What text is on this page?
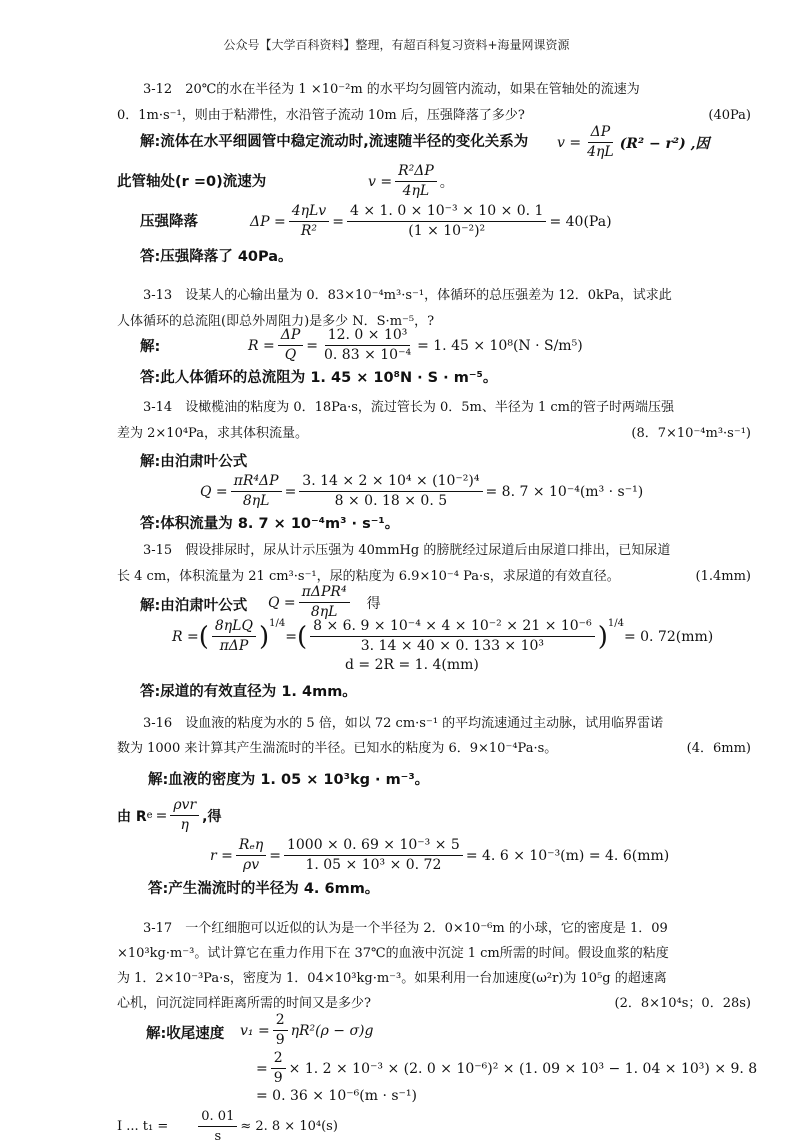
公众号【大学百科资料】整理，有超百科复习资料+海量网课资源
3-12　20℃的水在半径为 1 ×10⁻²m 的水平均匀圆管内流动，如果在管轴处的流速为
0．1m·s⁻¹，则由于粘滞性，水沿管子流动 10m 后，压强降落了多少?	(40Pa)
解:流体在水平细圆管中稳定流动时,流速随半径的变化关系为 $v = \frac{\Delta P}{4\eta L} (R^2 - r^2)$ ,因
此管轴处(r =0)流速为	$v = \frac{\text{R²ΔP}}{4\eta L}$ 。
压强降落	$\Delta P = \frac{\text{4ηLv}}{\text{R²}} = \frac{\text{4 × 1. 0 × 10⁻³ × 10 × 0. 1}}{\text{(1 × 10⁻²)²}} = 40(Pa)$
答:压强降落了 40Pa。
3-13　设某人的心输出量为 0．83×10⁻⁴m³·s⁻¹，体循环的总压强差为 12．0kPa，试求此
人体循环的总流阻(即总外周阻力)是多少 N．S·m⁻⁵，?
解:	$R = \frac{\Delta P}{Q} = \frac{\text{12. 0 × 10³}}{\text{0. 83 × 10⁻⁴}} = 1$. 45 × 10⁸(N · S/m⁵)
答:此人体循环的总流阻为 1. 45 × 10⁸N · S · m⁻⁵。
3-14　设橄榄油的粘度为 0．18Pa·s，流过管长为 0．5m、半径为 1 cm的管子时两端压强
差为 2×10⁴Pa，求其体积流量。	(8．7×10⁻⁴m³·s⁻¹)
解:由泊肃叶公式
$Q = \frac{\text{πR⁴ΔP}}{8\eta L} = \frac{\text{3. 14 × 2 × 10⁴ × (10⁻²)⁴}}{8 \times 0. 18 \times 0. 5} = 8$. 7 × 10⁻⁴(m³ · s⁻¹)
答:体积流量为 8. 7 × 10⁻⁴m³ · s⁻¹。
3-15　假设排尿时，尿从计示压强为 40mmHg 的膀胱经过尿道后由尿道口排出，已知尿道
长 4 cm，体积流量为 21 cm³·s⁻¹，尿的粘度为 6.9×10⁻⁴ Pa·s，求尿道的有效直径。	(1.4mm)
解:由泊肃叶公式 $Q = \frac{\text{πΔPR⁴}}{8\eta L}$ 得
R = ( $\frac{\text{8ηLQ}}{\text{πΔP}} )^{1/4}$
= ( $\frac{\text{8 × 6. 9 × 10⁻⁴ × 4 × 10⁻² × 21 × 10⁻⁶}}{\text{3. 14 × 40 × 0. 133 × 10³}} )^{1/4}$
= 0. 72(mm)
d = 2R = 1. 4(mm)
答:尿道的有效直径为 1. 4mm。
3-16　设血液的粘度为水的 5 倍，如以 72 cm·s⁻¹ 的平均流速通过主动脉，试用临界雷诺
数为 1000 来计算其产生湍流时的半径。已知水的粘度为 6．9×10⁻⁴Pa·s。	(4．6mm)
解:血液的密度为 1. 05 × 10³kg · m⁻³。
由 R $e = \frac{\text{ρvr}}{\eta}$ ,得
$r = \frac{\text{Rₑη}}{\rho v} = \frac{\text{1000 × 0. 69 × 10⁻³ × 5}}{\text{1. 05 × 10³ × 0. 72}} = 4$. 6 × 10⁻³(m) = 4. 6(mm)
答:产生湍流时的半径为 4. 6mm。
3-17　一个红细胞可以近似的认为是一个半径为 2．0×10⁻⁶m 的小球，它的密度是 1．09
×10³kg·m⁻³。试计算它在重力作用下在 37℃的血液中沉淀 1 cm所需的时间。假设血浆的粘度
为 1．2×10⁻³Pa·s，密度为 1．04×10³kg·m⁻³。如果利用一台加速度(ω²r)为 10⁵g 的超速离
心机，问沉淀同样距离所需的时间又是多少?	(2．8×10⁴s；0．28s)
解:收尾速度 $v_1 = \frac{2}{9} \eta R^2(\rho - \sigma)g$
= $\frac{2}{9} \times 1$. 2 × 10⁻³ × (2. 0 × 10⁻⁶)² × (1. 09 × 10³ − 1. 04 × 10³) × 9. 8
= 0. 36 × 10⁻⁶(m · s⁻¹)
Ⅰ ... $t_1 = \frac{0. 01}{s} \approx 2$. 8 × 10⁴(s)
